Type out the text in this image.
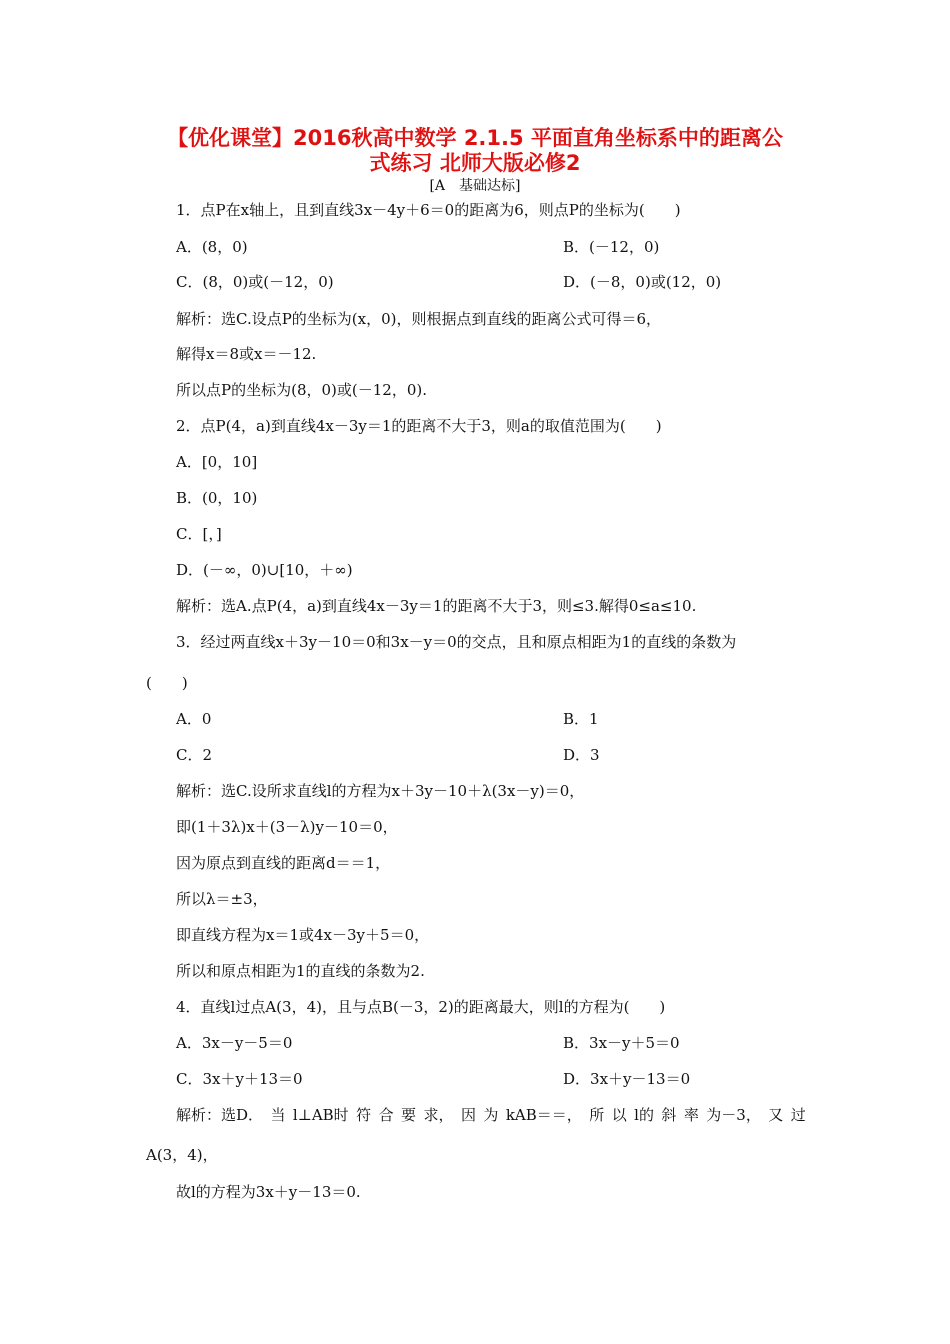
【优化课堂】2016秋高中数学 2.1.5 平面直角坐标系中的距离公
式练习 北师大版必修2
[A　基础达标]
1．点P在x轴上，且到直线3x－4y＋6＝0的距离为6，则点P的坐标为(　　)
A．(8，0)	B．(－12，0)
C．(8，0)或(－12，0)	D．(－8，0)或(12，0)
解析：选C.设点P的坐标为(x，0)，则根据点到直线的距离公式可得＝6，
解得x＝8或x＝－12.
所以点P的坐标为(8，0)或(－12，0).
2．点P(4，a)到直线4x－3y＝1的距离不大于3，则a的取值范围为(　　)
A．[0，10]
B．(0，10)
C．[，]
D．(－∞，0)∪[10，＋∞)
解析：选A.点P(4，a)到直线4x－3y＝1的距离不大于3，则≤3.解得0≤a≤10.
3．经过两直线x＋3y－10＝0和3x－y＝0的交点，且和原点相距为1的直线的条数为
(　　)
A．0	B．1
C．2	D．3
解析：选C.设所求直线l的方程为x＋3y－10＋λ(3x－y)＝0，
即(1＋3λ)x＋(3－λ)y－10＝0，
因为原点到直线的距离d＝＝1，
所以λ＝±3，
即直线方程为x＝1或4x－3y＋5＝0，
所以和原点相距为1的直线的条数为2.
4．直线l过点A(3，4)，且与点B(－3，2)的距离最大，则l的方程为(　　)
A．3x－y－5＝0	B．3x－y＋5＝0
C．3x＋y＋13＝0	D．3x＋y－13＝0
解析：选D． 当 l⊥AB时 符 合 要 求， 因 为 kAB＝＝， 所 以 l的 斜 率 为－3， 又 过
A(3，4)，
故l的方程为3x＋y－13＝0.
